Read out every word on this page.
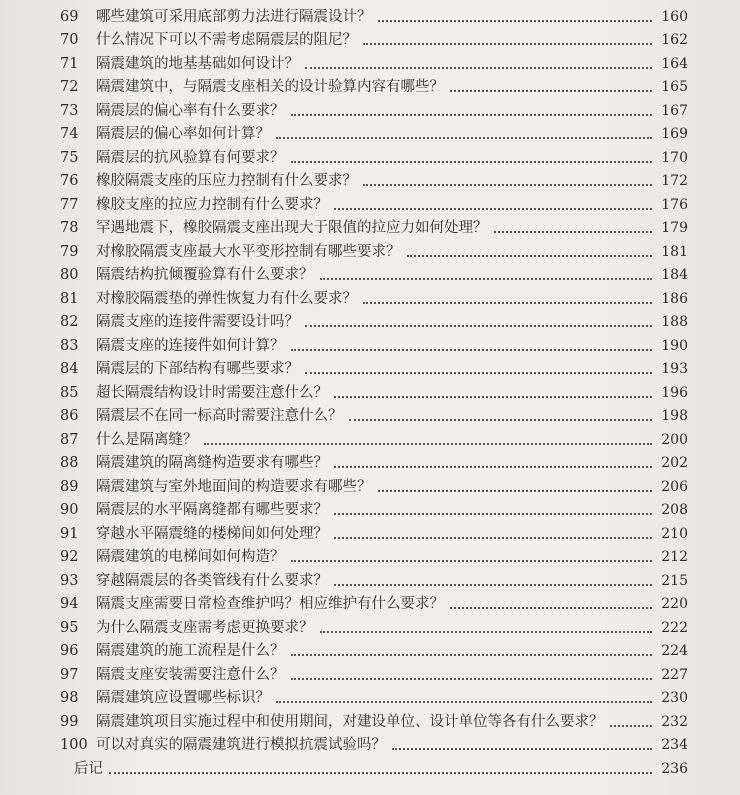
69	哪些建筑可采用底部剪力法进行隔震设计？	160
70	什么情况下可以不需考虑隔震层的阻尼？	162
71	隔震建筑的地基基础如何设计？	164
72	隔震建筑中，与隔震支座相关的设计验算内容有哪些？	165
73	隔震层的偏心率有什么要求？	167
74	隔震层的偏心率如何计算？	169
75	隔震层的抗风验算有何要求？	170
76	橡胶隔震支座的压应力控制有什么要求？	172
77	橡胶支座的拉应力控制有什么要求？	176
78	罕遇地震下，橡胶隔震支座出现大于限值的拉应力如何处理？	179
79	对橡胶隔震支座最大水平变形控制有哪些要求？	181
80	隔震结构抗倾覆验算有什么要求？	184
81	对橡胶隔震垫的弹性恢复力有什么要求？	186
82	隔震支座的连接件需要设计吗？	188
83	隔震支座的连接件如何计算？	190
84	隔震层的下部结构有哪些要求？	193
85	超长隔震结构设计时需要注意什么？	196
86	隔震层不在同一标高时需要注意什么？	198
87	什么是隔离缝？	200
88	隔震建筑的隔离缝构造要求有哪些？	202
89	隔震建筑与室外地面间的构造要求有哪些？	206
90	隔震层的水平隔离缝都有哪些要求？	208
91	穿越水平隔震缝的楼梯间如何处理？	210
92	隔震建筑的电梯间如何构造？	212
93	穿越隔震层的各类管线有什么要求？	215
94	隔震支座需要日常检查维护吗？相应维护有什么要求？	220
95	为什么隔震支座需考虑更换要求？	222
96	隔震建筑的施工流程是什么？	224
97	隔震支座安装需要注意什么？	227
98	隔震建筑应设置哪些标识？	230
99	隔震建筑项目实施过程中和使用期间，对建设单位、设计单位等各有什么要求？	232
100 可以对真实的隔震建筑进行模拟抗震试验吗？	234
后记	236
